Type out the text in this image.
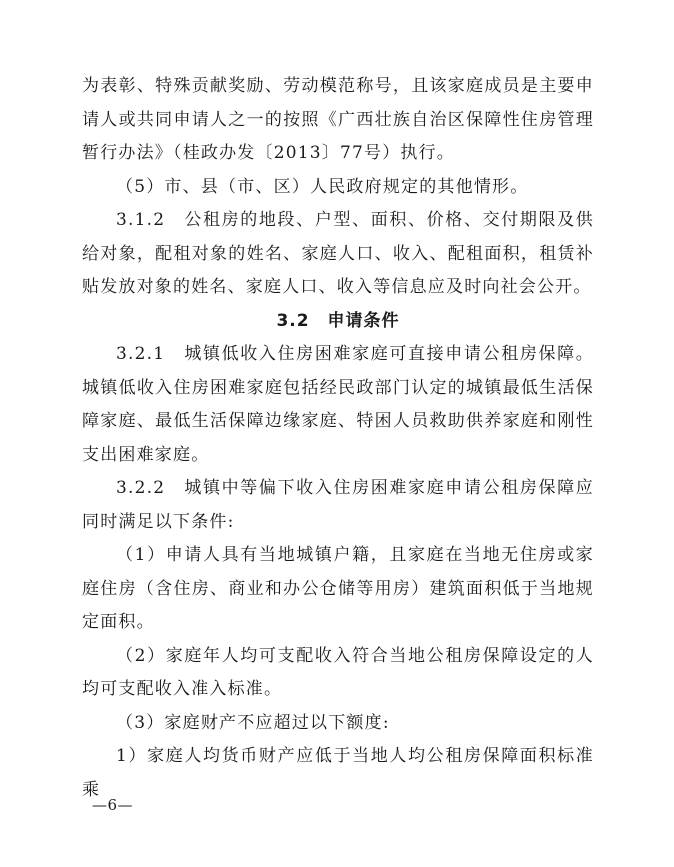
为表彰、特殊贡献奖励、劳动模范称号，且该家庭成员是主要申请人或共同申请人之一的按照《广西壮族自治区保障性住房管理暂行办法》（桂政办发〔2013〕77号）执行。

（5）市、县（市、区）人民政府规定的其他情形。

3.1.2　公租房的地段、户型、面积、价格、交付期限及供给对象，配租对象的姓名、家庭人口、收入、配租面积，租赁补贴发放对象的姓名、家庭人口、收入等信息应及时向社会公开。

3.2　申请条件

3.2.1　城镇低收入住房困难家庭可直接申请公租房保障。城镇低收入住房困难家庭包括经民政部门认定的城镇最低生活保障家庭、最低生活保障边缘家庭、特困人员救助供养家庭和刚性支出困难家庭。

3.2.2　城镇中等偏下收入住房困难家庭申请公租房保障应同时满足以下条件:

（1）申请人具有当地城镇户籍，且家庭在当地无住房或家庭住房（含住房、商业和办公仓储等用房）建筑面积低于当地规定面积。

（2）家庭年人均可支配收入符合当地公租房保障设定的人均可支配收入准入标准。

（3）家庭财产不应超过以下额度:

1）家庭人均货币财产应低于当地人均公租房保障面积标准乘

—6—
